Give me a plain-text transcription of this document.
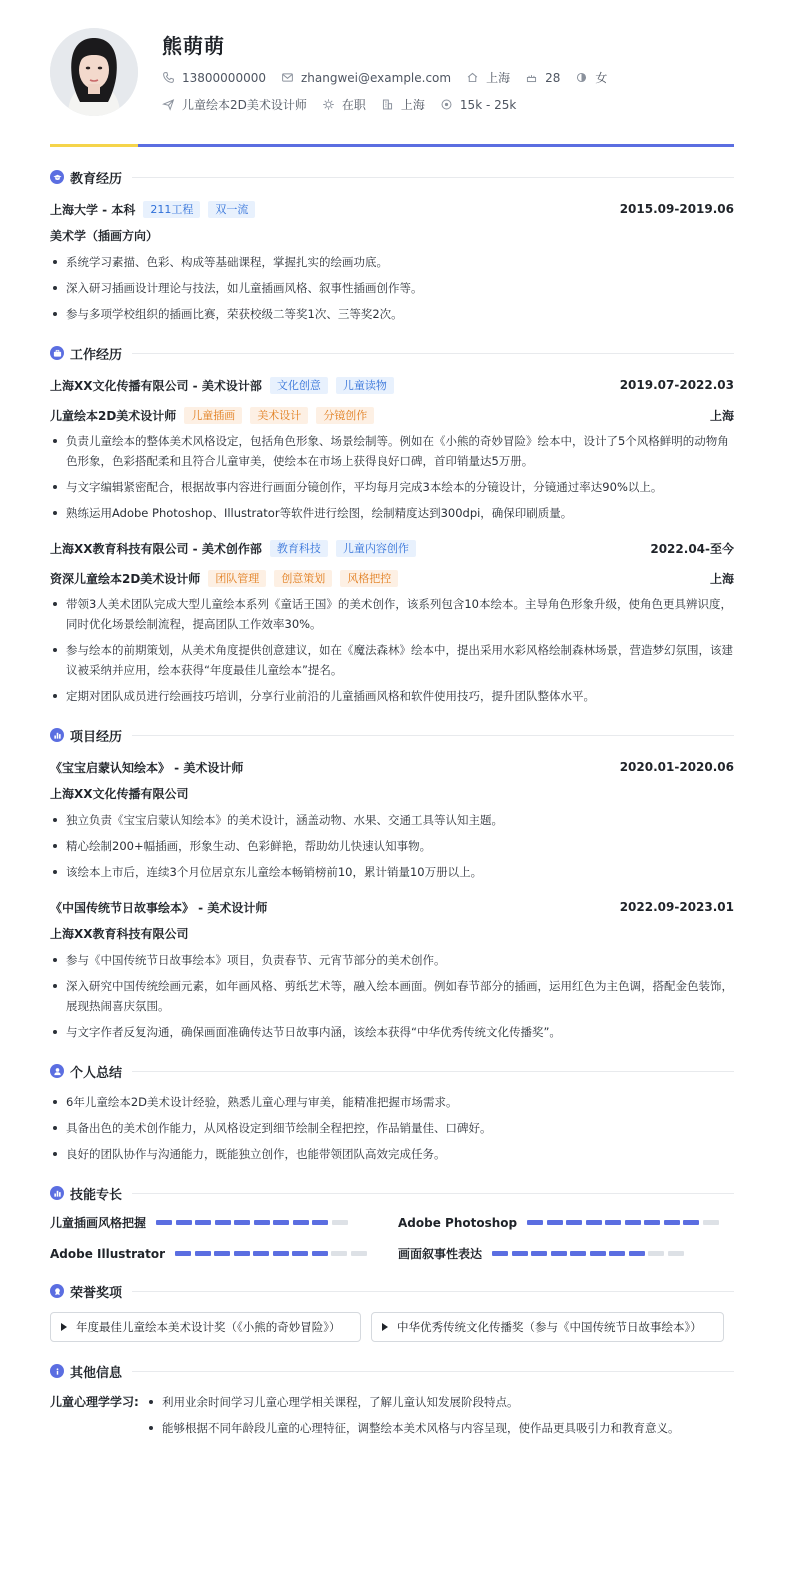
熊萌萌
13800000000	zhangwei@example.com	上海	28	女
儿童绘本2D美术设计师	在职	上海	15k - 25k
教育经历
上海大学 - 本科	211工程	双一流	2015.09-2019.06
美术学（插画方向）
系统学习素描、色彩、构成等基础课程，掌握扎实的绘画功底。
深入研习插画设计理论与技法，如儿童插画风格、叙事性插画创作等。
参与多项学校组织的插画比赛，荣获校级二等奖1次、三等奖2次。
工作经历
上海XX文化传播有限公司 - 美术设计部	文化创意	儿童读物	2019.07-2022.03
儿童绘本2D美术设计师	儿童插画	美术设计	分镜创作	上海
负责儿童绘本的整体美术风格设定，包括角色形象、场景绘制等。例如在《小熊的奇妙冒险》绘本中，设计了5个风格鲜明的动物角色形象，色彩搭配柔和且符合儿童审美，使绘本在市场上获得良好口碑，首印销量达5万册。
与文字编辑紧密配合，根据故事内容进行画面分镜创作，平均每月完成3本绘本的分镜设计，分镜通过率达90%以上。
熟练运用Adobe Photoshop、Illustrator等软件进行绘图，绘制精度达到300dpi，确保印刷质量。
上海XX教育科技有限公司 - 美术创作部	教育科技	儿童内容创作	2022.04-至今
资深儿童绘本2D美术设计师	团队管理	创意策划	风格把控	上海
带领3人美术团队完成大型儿童绘本系列《童话王国》的美术创作，该系列包含10本绘本。主导角色形象升级，使角色更具辨识度，同时优化场景绘制流程，提高团队工作效率30%。
参与绘本的前期策划，从美术角度提供创意建议，如在《魔法森林》绘本中，提出采用水彩风格绘制森林场景，营造梦幻氛围，该建议被采纳并应用，绘本获得“年度最佳儿童绘本”提名。
定期对团队成员进行绘画技巧培训，分享行业前沿的儿童插画风格和软件使用技巧，提升团队整体水平。
项目经历
《宝宝启蒙认知绘本》 - 美术设计师	2020.01-2020.06
上海XX文化传播有限公司
独立负责《宝宝启蒙认知绘本》的美术设计，涵盖动物、水果、交通工具等认知主题。
精心绘制200+幅插画，形象生动、色彩鲜艳，帮助幼儿快速认知事物。
该绘本上市后，连续3个月位居京东儿童绘本畅销榜前10，累计销量10万册以上。
《中国传统节日故事绘本》 - 美术设计师	2022.09-2023.01
上海XX教育科技有限公司
参与《中国传统节日故事绘本》项目，负责春节、元宵节部分的美术创作。
深入研究中国传统绘画元素，如年画风格、剪纸艺术等，融入绘本画面。例如春节部分的插画，运用红色为主色调，搭配金色装饰，展现热闹喜庆氛围。
与文字作者反复沟通，确保画面准确传达节日故事内涵，该绘本获得“中华优秀传统文化传播奖”。
个人总结
6年儿童绘本2D美术设计经验，熟悉儿童心理与审美，能精准把握市场需求。
具备出色的美术创作能力，从风格设定到细节绘制全程把控，作品销量佳、口碑好。
良好的团队协作与沟通能力，既能独立创作，也能带领团队高效完成任务。
技能专长
儿童插画风格把握	Adobe Photoshop
Adobe Illustrator	画面叙事性表达
荣誉奖项
年度最佳儿童绘本美术设计奖（《小熊的奇妙冒险》）	中华优秀传统文化传播奖（参与《中国传统节日故事绘本》）
其他信息
儿童心理学学习:	利用业余时间学习儿童心理学相关课程，了解儿童认知发展阶段特点。
能够根据不同年龄段儿童的心理特征，调整绘本美术风格与内容呈现，使作品更具吸引力和教育意义。
